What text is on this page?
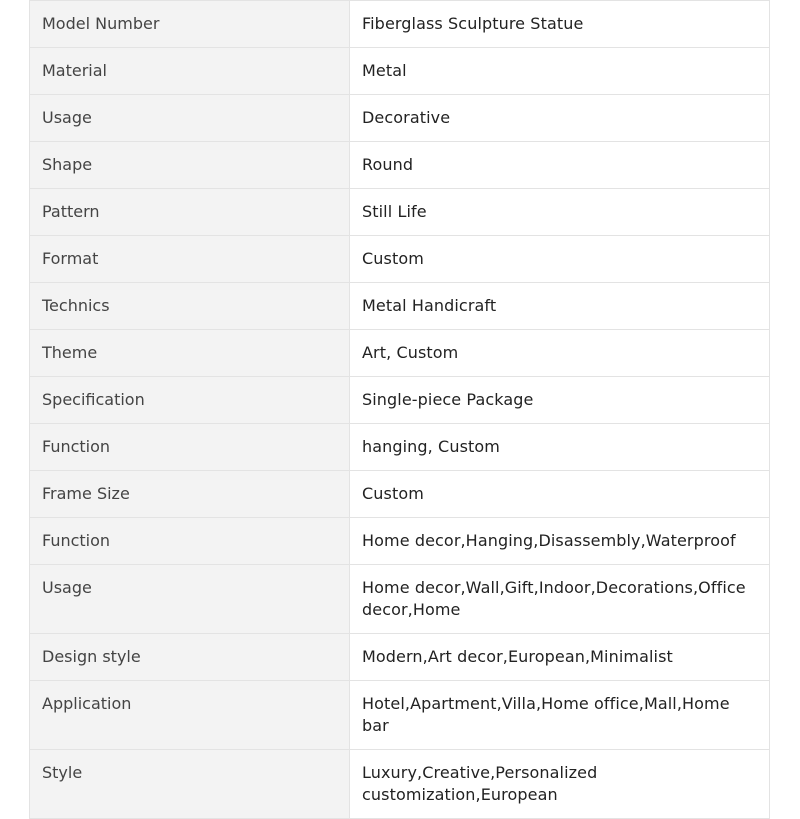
Model Number	Fiberglass Sculpture Statue
Material	Metal
Usage	Decorative
Shape	Round
Pattern	Still Life
Format	Custom
Technics	Metal Handicraft
Theme	Art, Custom
Specification	Single-piece Package
Function	hanging, Custom
Frame Size	Custom
Function	Home decor,Hanging,Disassembly,Waterproof
Usage	Home decor,Wall,Gift,Indoor,Decorations,Office decor,Home
Design style	Modern,Art decor,European,Minimalist
Application	Hotel,Apartment,Villa,Home office,Mall,Home bar
Style	Luxury,Creative,Personalized customization,European
